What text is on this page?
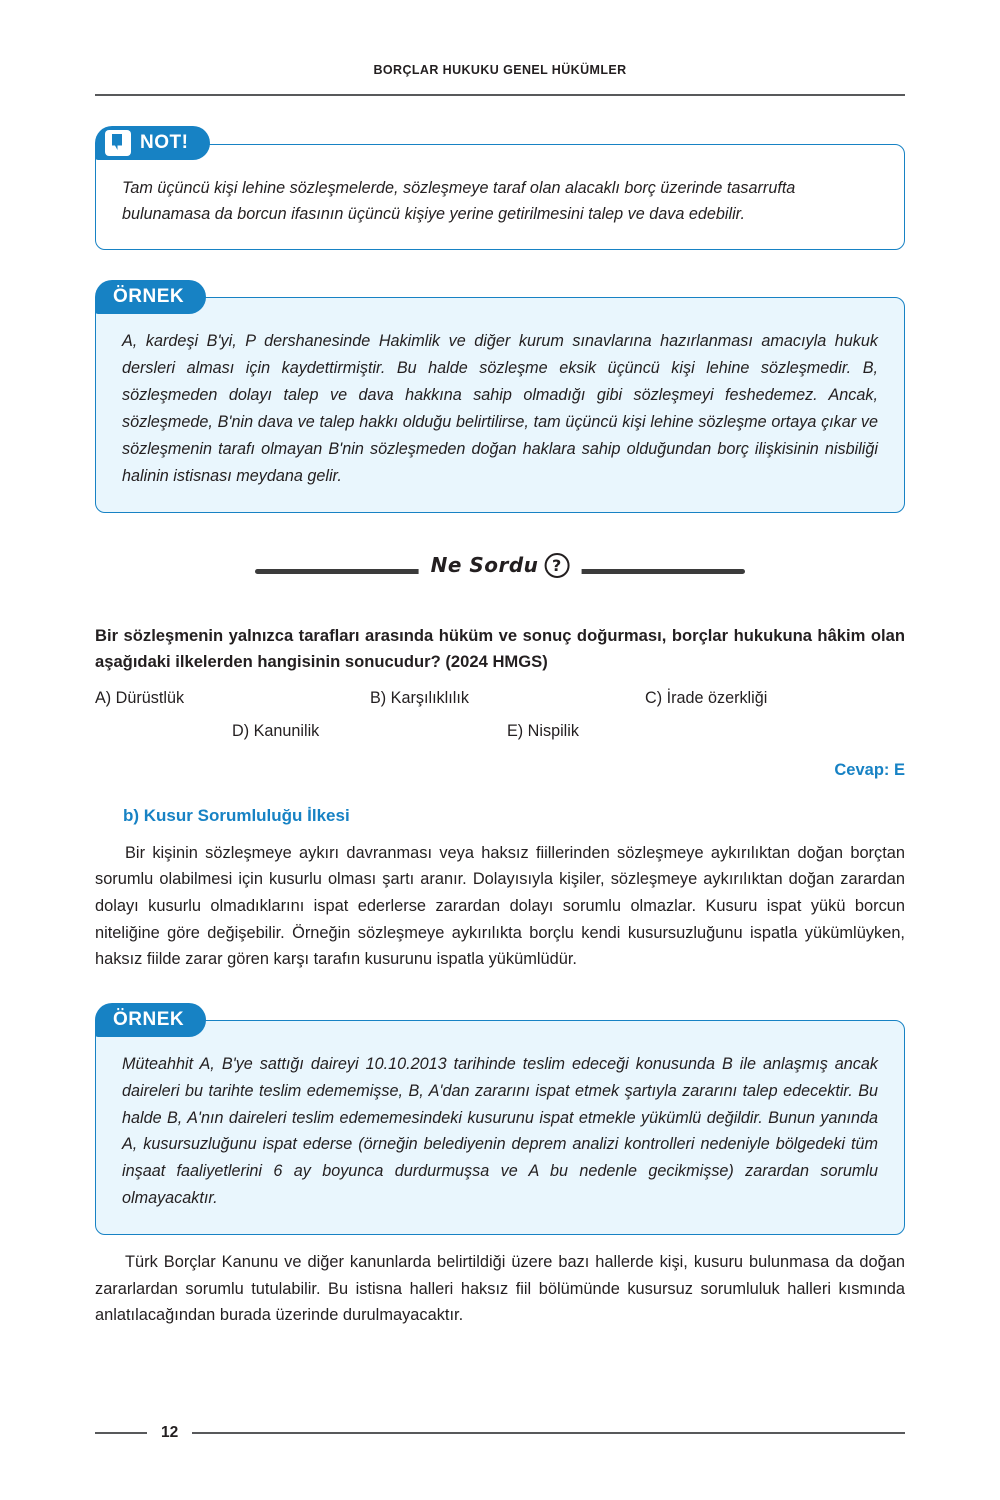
BORÇLAR HUKUKU GENEL HÜKÜMLER
NOT!

Tam üçüncü kişi lehine sözleşmelerde, sözleşmeye taraf olan alacaklı borç üzerinde tasarrufta bulunamasa da borcun ifasının üçüncü kişiye yerine getirilmesini talep ve dava edebilir.

ÖRNEK

A, kardeşi B'yi, P dershanesinde Hakimlik ve diğer kurum sınavlarına hazırlanması amacıyla hukuk dersleri alması için kaydettirmiştir. Bu halde sözleşme eksik üçüncü kişi lehine sözleşmedir. B, sözleşmeden dolayı talep ve dava hakkına sahip olmadığı gibi sözleşmeyi feshedemez. Ancak, sözleşmede, B'nin dava ve talep hakkı olduğu belirtilirse, tam üçüncü kişi lehine sözleşme ortaya çıkar ve sözleşmenin tarafı olmayan B'nin sözleşmeden doğan haklara sahip olduğundan borç ilişkisinin nisbiliği halinin istisnası meydana gelir.

Ne Sordu ?
Bir sözleşmenin yalnızca tarafları arasında hüküm ve sonuç doğurması, borçlar hukukuna hâkim olan aşağıdaki ilkelerden hangisinin sonucudur? (2024 HMGS)
A) Dürüstlük	B) Karşılıklılık	C) İrade özerkliği
D) Kanunilik	E) Nispilik
Cevap: E
b) Kusur Sorumluluğu İlkesi
Bir kişinin sözleşmeye aykırı davranması veya haksız fiillerinden sözleşmeye aykırılıktan doğan borçtan sorumlu olabilmesi için kusurlu olması şartı aranır. Dolayısıyla kişiler, sözleşmeye aykırılıktan doğan zarardan dolayı kusurlu olmadıklarını ispat ederlerse zarardan dolayı sorumlu olmazlar. Kusuru ispat yükü borcun niteliğine göre değişebilir. Örneğin sözleşmeye aykırılıkta borçlu kendi kusursuzluğunu ispatla yükümlüyken, haksız fiilde zarar gören karşı tarafın kusurunu ispatla yükümlüdür.
ÖRNEK

Müteahhit A, B'ye sattığı daireyi 10.10.2013 tarihinde teslim edeceği konusunda B ile anlaşmış ancak daireleri bu tarihte teslim edememişse, B, A'dan zararını ispat etmek şartıyla zararını talep edecektir. Bu halde B, A'nın daireleri teslim edememesindeki kusurunu ispat etmekle yükümlü değildir. Bunun yanında A, kusursuzluğunu ispat ederse (örneğin belediyenin deprem analizi kontrolleri nedeniyle bölgedeki tüm inşaat faaliyetlerini 6 ay boyunca durdurmuşsa ve A bu nedenle gecikmişse) zarardan sorumlu olmayacaktır.

Türk Borçlar Kanunu ve diğer kanunlarda belirtildiği üzere bazı hallerde kişi, kusuru bulunmasa da doğan zararlardan sorumlu tutulabilir. Bu istisna halleri haksız fiil bölümünde kusursuz sorumluluk halleri kısmında anlatılacağından burada üzerinde durulmayacaktır.
12
